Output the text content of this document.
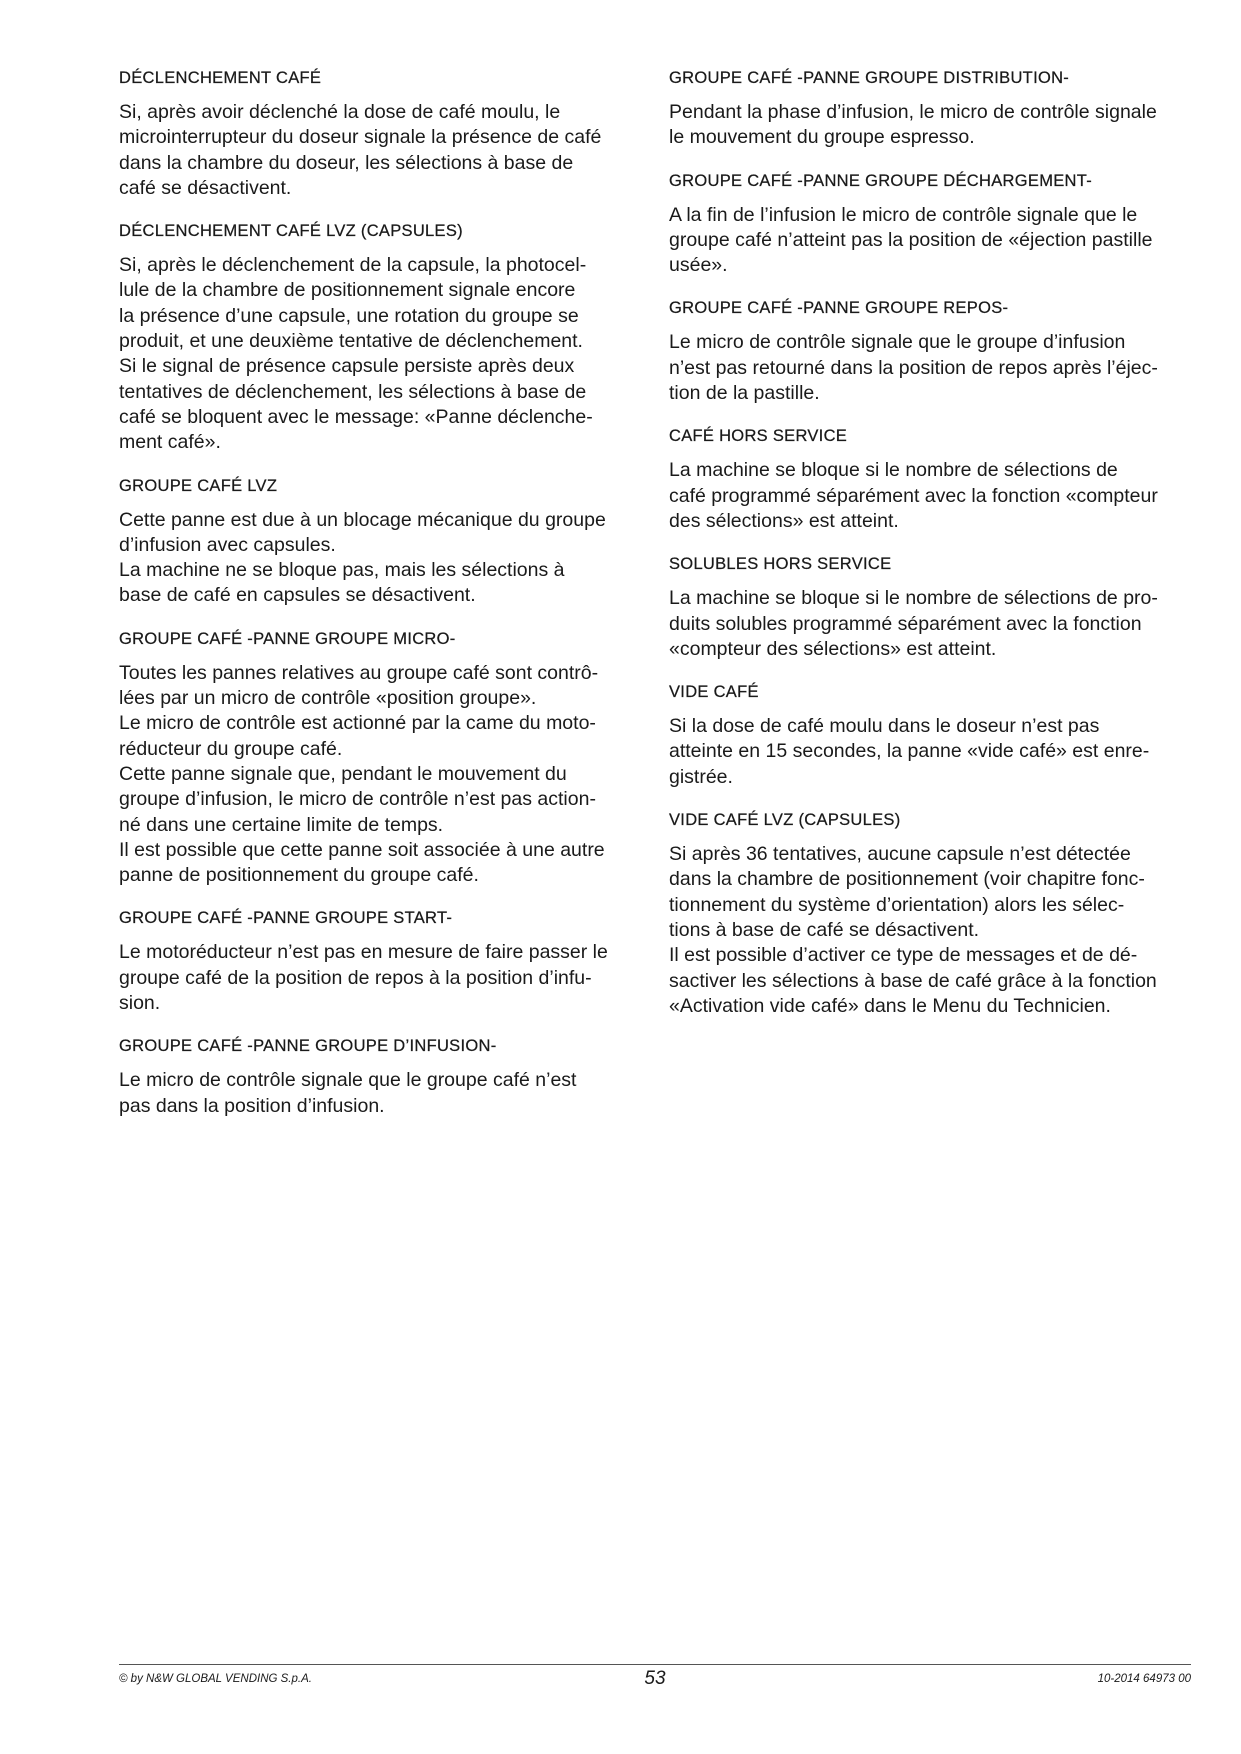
DÉCLENCHEMENT CAFÉ

Si, après avoir déclenché la dose de café moulu, le
microinterrupteur du doseur signale la présence de café
dans la chambre du doseur, les sélections à base de
café se désactivent.

DÉCLENCHEMENT CAFÉ LVZ (CAPSULES)

Si, après le déclenchement de la capsule, la photocel-
lule de la chambre de positionnement signale encore
la présence d’une capsule, une rotation du groupe se
produit, et une deuxième tentative de déclenchement.
Si le signal de présence capsule persiste après deux
tentatives de déclenchement, les sélections à base de
café se bloquent avec le message: «Panne déclenche-
ment café».

GROUPE CAFÉ LVZ

Cette panne est due à un blocage mécanique du groupe
d’infusion avec capsules.
La machine ne se bloque pas, mais les sélections à
base de café en capsules se désactivent.

GROUPE CAFÉ -PANNE GROUPE MICRO-

Toutes les pannes relatives au groupe café sont contrô-
lées par un micro de contrôle «position groupe».
Le micro de contrôle est actionné par la came du moto-
réducteur du groupe café.
Cette panne signale que, pendant le mouvement du
groupe d’infusion, le micro de contrôle n’est pas action-
né dans une certaine limite de temps.
Il est possible que cette panne soit associée à une autre
panne de positionnement du groupe café.

GROUPE CAFÉ -PANNE GROUPE START-

Le motoréducteur n’est pas en mesure de faire passer le
groupe café de la position de repos à la position d’infu-
sion.

GROUPE CAFÉ -PANNE GROUPE D’INFUSION-

Le micro de contrôle signale que le groupe café n’est
pas dans la position d’infusion.

GROUPE CAFÉ -PANNE GROUPE DISTRIBUTION-

Pendant la phase d’infusion, le micro de contrôle signale
le mouvement du groupe espresso.

GROUPE CAFÉ -PANNE GROUPE DÉCHARGEMENT-

A la fin de l’infusion le micro de contrôle signale que le
groupe café n’atteint pas la position de «éjection pastille
usée».

GROUPE CAFÉ -PANNE GROUPE REPOS-

Le micro de contrôle signale que le groupe d’infusion
n’est pas retourné dans la position de repos après l’éjec-
tion de la pastille.

CAFÉ HORS SERVICE

La machine se bloque si le nombre de sélections de
café programmé séparément avec la fonction «compteur
des sélections» est atteint.

SOLUBLES HORS SERVICE

La machine se bloque si le nombre de sélections de pro-
duits solubles programmé séparément avec la fonction
«compteur des sélections» est atteint.

VIDE CAFÉ

Si la dose de café moulu dans le doseur n’est pas
atteinte en 15 secondes, la panne «vide café» est enre-
gistrée.

VIDE CAFÉ LVZ (CAPSULES)

Si après 36 tentatives, aucune capsule n’est détectée
dans la chambre de positionnement (voir chapitre fonc-
tionnement du système d’orientation) alors les sélec-
tions à base de café se désactivent.
Il est possible d’activer ce type de messages et de dé-
sactiver les sélections à base de café grâce à la fonction
«Activation vide café» dans le Menu du Technicien.

© by N&W GLOBAL VENDING S.p.A.	53	10-2014 64973 00
